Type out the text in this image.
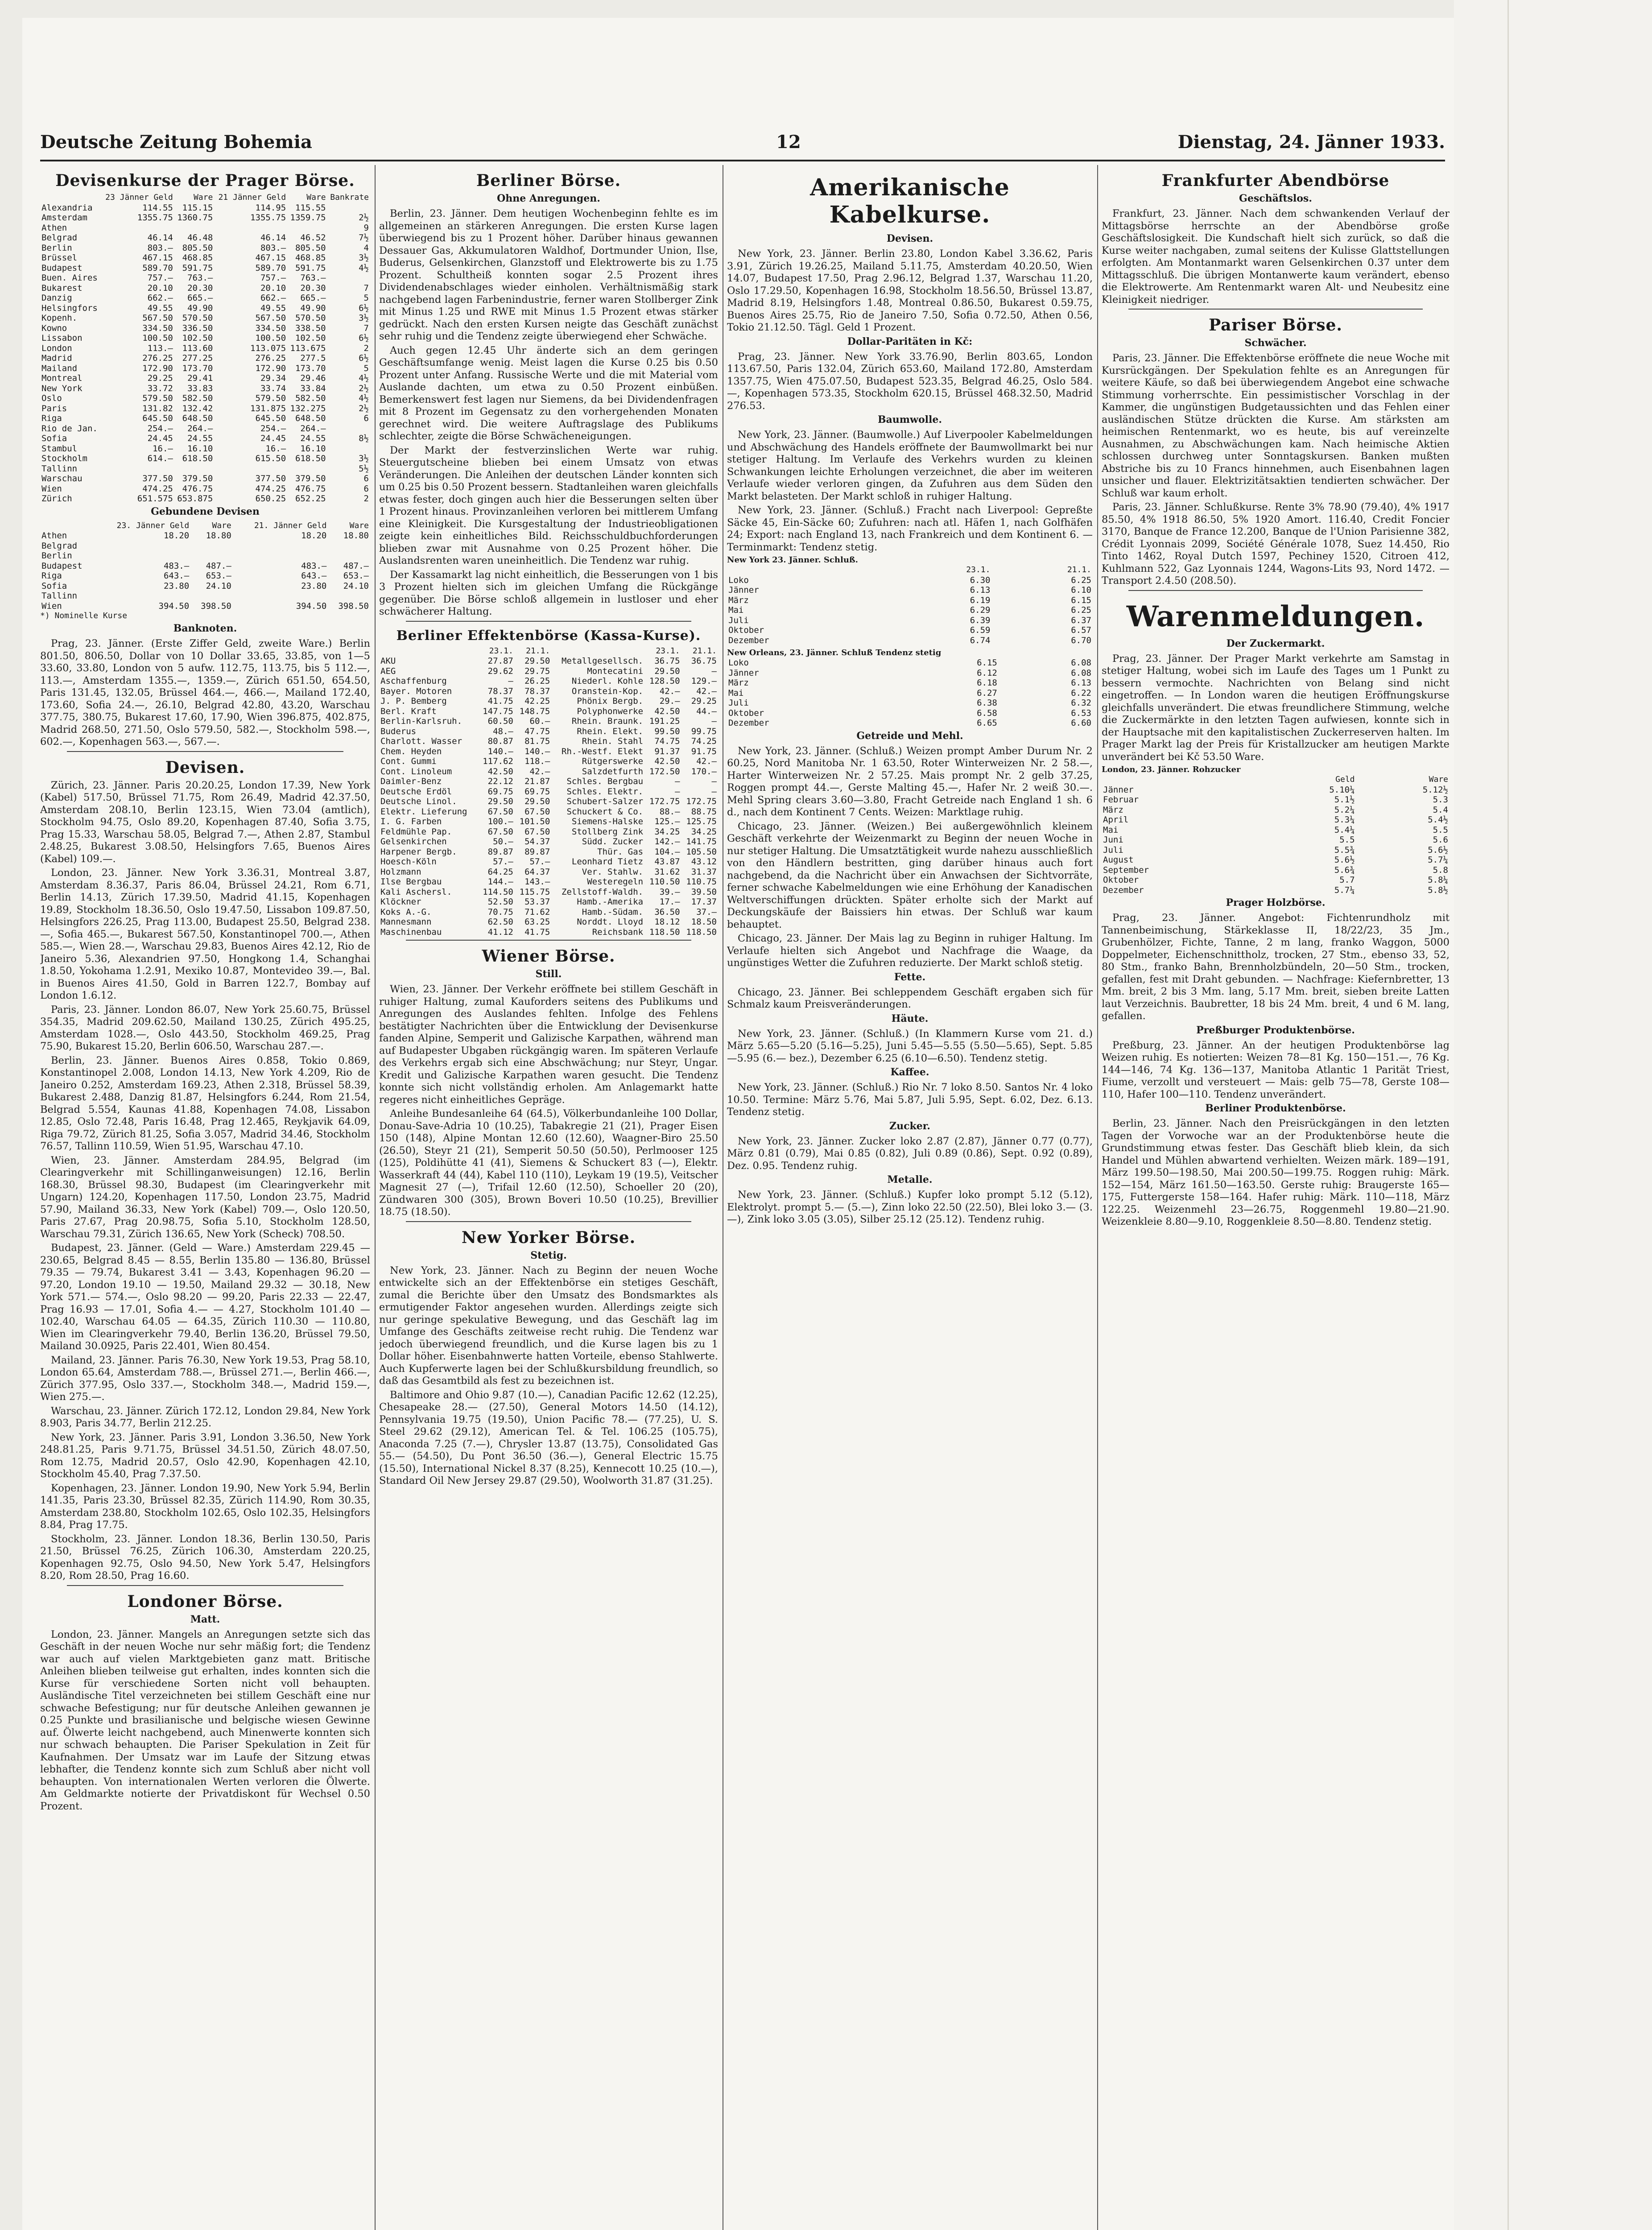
Deutsche Zeitung Bohemia	12	Dienstag, 24. Jänner 1933.
Devisenkurse der Prager Börse.
	23 Jänner Geld	Ware	21 Jänner Geld	Ware	Bankrate
Alexandria	114.55	115.15	114.95	115.55	
Amsterdam	1355.75	1360.75	1355.75	1359.75	2½
Athen					9
Belgrad	46.14	46.48	46.14	46.52	7½
Berlin	803.—	805.50	803.—	805.50	4
Brüssel	467.15	468.85	467.15	468.85	3½
Budapest	589.70	591.75	589.70	591.75	4½
Buen. Aires	757.—	763.—	757.—	763.—	
Bukarest	20.10	20.30	20.10	20.30	7
Danzig	662.—	665.—	662.—	665.—	5
Helsingfors	49.55	49.90	49.55	49.90	6½
Kopenh.	567.50	570.50	567.50	570.50	3½
Kowno	334.50	336.50	334.50	338.50	7
Lissabon	100.50	102.50	100.50	102.50	6½
London	113.—	113.60	113.075	113.675	2
Madrid	276.25	277.25	276.25	277.5	6½
Mailand	172.90	173.70	172.90	173.70	5
Montreal	29.25	29.41	29.34	29.46	4½
New York	33.72	33.83	33.74	33.84	2½
Oslo	579.50	582.50	579.50	582.50	4½
Paris	131.82	132.42	131.875	132.275	2½
Riga	645.50	648.50	645.50	648.50	6
Rio de Jan.	254.—	264.—	254.—	264.—	
Sofia	24.45	24.55	24.45	24.55	8½
Stambul	16.—	16.10	16.—	16.10	
Stockholm	614.—	618.50	615.50	618.50	3½
Tallinn					5½
Warschau	377.50	379.50	377.50	379.50	6
Wien	474.25	476.75	474.25	476.75	6
Zürich	651.575	653.875	650.25	652.25	2
Gebundene Devisen
	23. Jänner Geld	Ware	21. Jänner Geld	Ware
Athen	18.20	18.80	18.20	18.80
Belgrad				
Berlin				
Budapest	483.—	487.—	483.—	487.—
Riga	643.—	653.—	643.—	653.—
Sofia	23.80	24.10	23.80	24.10
Tallinn				
Wien	394.50	398.50	394.50	398.50
*) Nominelle Kurse
Banknoten.

Prag, 23. Jänner. (Erste Ziffer Geld, zweite Ware.) Berlin 801.50, 806.50, Dollar von 10 Dollar 33.65, 33.85, von 1—5 33.60, 33.80, London von 5 aufw. 112.75, 113.75, bis 5 112.—, 113.—, Amsterdam 1355.—, 1359.—, Zürich 651.50, 654.50, Paris 131.45, 132.05, Brüssel 464.—, 466.—, Mailand 172.40, 173.60, Sofia 24.—, 26.10, Belgrad 42.80, 43.20, Warschau 377.75, 380.75, Bukarest 17.60, 17.90, Wien 396.875, 402.875, Madrid 268.50, 271.50, Oslo 579.50, 582.—, Stockholm 598.—, 602.—, Kopenhagen 563.—, 567.—.

Devisen.

Zürich, 23. Jänner. Paris 20.20.25, London 17.39, New York (Kabel) 517.50, Brüssel 71.75, Rom 26.49, Madrid 42.37.50, Amsterdam 208.10, Berlin 123.15, Wien 73.04 (amtlich), Stockholm 94.75, Oslo 89.20, Kopenhagen 87.40, Sofia 3.75, Prag 15.33, Warschau 58.05, Belgrad 7.—, Athen 2.87, Stambul 2.48.25, Bukarest 3.08.50, Helsingfors 7.65, Buenos Aires (Kabel) 109.—.

London, 23. Jänner. New York 3.36.31, Montreal 3.87, Amsterdam 8.36.37, Paris 86.04, Brüssel 24.21, Rom 6.71, Berlin 14.13, Zürich 17.39.50, Madrid 41.15, Kopenhagen 19.89, Stockholm 18.36.50, Oslo 19.47.50, Lissabon 109.87.50, Helsingfors 226.25, Prag 113.00, Budapest 25.50, Belgrad 238.—, Sofia 465.—, Bukarest 567.50, Konstantinopel 700.—, Athen 585.—, Wien 28.—, Warschau 29.83, Buenos Aires 42.12, Rio de Janeiro 5.36, Alexandrien 97.50, Hongkong 1.4, Schanghai 1.8.50, Yokohama 1.2.91, Mexiko 10.87, Montevideo 39.—, Bal. in Buenos Aires 41.50, Gold in Barren 122.7, Bombay auf London 1.6.12.

Paris, 23. Jänner. London 86.07, New York 25.60.75, Brüssel 354.35, Madrid 209.62.50, Mailand 130.25, Zürich 495.25, Amsterdam 1028.—, Oslo 443.50, Stockholm 469.25, Prag 75.90, Bukarest 15.20, Berlin 606.50, Warschau 287.—.

Berlin, 23. Jänner. Buenos Aires 0.858, Tokio 0.869, Konstantinopel 2.008, London 14.13, New York 4.209, Rio de Janeiro 0.252, Amsterdam 169.23, Athen 2.318, Brüssel 58.39, Bukarest 2.488, Danzig 81.87, Helsingfors 6.244, Rom 21.54, Belgrad 5.554, Kaunas 41.88, Kopenhagen 74.08, Lissabon 12.85, Oslo 72.48, Paris 16.48, Prag 12.465, Reykjavik 64.09, Riga 79.72, Zürich 81.25, Sofia 3.057, Madrid 34.46, Stockholm 76.57, Tallinn 110.59, Wien 51.95, Warschau 47.10.

Wien, 23. Jänner. Amsterdam 284.95, Belgrad (im Clearingverkehr mit Schillinganweisungen) 12.16, Berlin 168.30, Brüssel 98.30, Budapest (im Clearingverkehr mit Ungarn) 124.20, Kopenhagen 117.50, London 23.75, Madrid 57.90, Mailand 36.33, New York (Kabel) 709.—, Oslo 120.50, Paris 27.67, Prag 20.98.75, Sofia 5.10, Stockholm 128.50, Warschau 79.31, Zürich 136.65, New York (Scheck) 708.50.

Budapest, 23. Jänner. (Geld — Ware.) Amsterdam 229.45 — 230.65, Belgrad 8.45 — 8.55, Berlin 135.80 — 136.80, Brüssel 79.35 — 79.74, Bukarest 3.41 — 3.43, Kopenhagen 96.20 — 97.20, London 19.10 — 19.50, Mailand 29.32 — 30.18, New York 571.— 574.—, Oslo 98.20 — 99.20, Paris 22.33 — 22.47, Prag 16.93 — 17.01, Sofia 4.— — 4.27, Stockholm 101.40 — 102.40, Warschau 64.05 — 64.35, Zürich 110.30 — 110.80, Wien im Clearingverkehr 79.40, Berlin 136.20, Brüssel 79.50, Mailand 30.0925, Paris 22.401, Wien 80.454.

Mailand, 23. Jänner. Paris 76.30, New York 19.53, Prag 58.10, London 65.64, Amsterdam 788.—, Brüssel 271.—, Berlin 466.—, Zürich 377.95, Oslo 337.—, Stockholm 348.—, Madrid 159.—, Wien 275.—.

Warschau, 23. Jänner. Zürich 172.12, London 29.84, New York 8.903, Paris 34.77, Berlin 212.25.

New York, 23. Jänner. Paris 3.91, London 3.36.50, New York 248.81.25, Paris 9.71.75, Brüssel 34.51.50, Zürich 48.07.50, Rom 12.75, Madrid 20.57, Oslo 42.90, Kopenhagen 42.10, Stockholm 45.40, Prag 7.37.50.

Kopenhagen, 23. Jänner. London 19.90, New York 5.94, Berlin 141.35, Paris 23.30, Brüssel 82.35, Zürich 114.90, Rom 30.35, Amsterdam 238.80, Stockholm 102.65, Oslo 102.35, Helsingfors 8.84, Prag 17.75.

Stockholm, 23. Jänner. London 18.36, Berlin 130.50, Paris 21.50, Brüssel 76.25, Zürich 106.30, Amsterdam 220.25, Kopenhagen 92.75, Oslo 94.50, New York 5.47, Helsingfors 8.20, Rom 28.50, Prag 16.60.

Londoner Börse.
Matt.

London, 23. Jänner. Mangels an Anregungen setzte sich das Geschäft in der neuen Woche nur sehr mäßig fort; die Tendenz war auch auf vielen Marktgebieten ganz matt. Britische Anleihen blieben teilweise gut erhalten, indes konnten sich die Kurse für verschiedene Sorten nicht voll behaupten. Ausländische Titel verzeichneten bei stillem Geschäft eine nur schwache Befestigung; nur für deutsche Anleihen gewannen je 0.25 Punkte und brasilianische und belgische wiesen Gewinne auf. Ölwerte leicht nachgebend, auch Minenwerte konnten sich nur schwach behaupten. Die Pariser Spekulation in Zeit für Kaufnahmen. Der Umsatz war im Laufe der Sitzung etwas lebhafter, die Tendenz konnte sich zum Schluß aber nicht voll behaupten. Von internationalen Werten verloren die Ölwerte. Am Geldmarkte notierte der Privatdiskont für Wechsel 0.50 Prozent.

Berliner Börse.
Ohne Anregungen.

Berlin, 23. Jänner. Dem heutigen Wochenbeginn fehlte es im allgemeinen an stärkeren Anregungen. Die ersten Kurse lagen überwiegend bis zu 1 Prozent höher. Darüber hinaus gewannen Dessauer Gas, Akkumulatoren Waldhof, Dortmunder Union, Ilse, Buderus, Gelsenkirchen, Glanzstoff und Elektrowerte bis zu 1.75 Prozent. Schultheiß konnten sogar 2.5 Prozent ihres Dividendenabschlages wieder einholen. Verhältnismäßig stark nachgebend lagen Farbenindustrie, ferner waren Stollberger Zink mit Minus 1.25 und RWE mit Minus 1.5 Prozent etwas stärker gedrückt. Nach den ersten Kursen neigte das Geschäft zunächst sehr ruhig und die Tendenz zeigte überwiegend eher Schwäche.

Auch gegen 12.45 Uhr änderte sich an dem geringen Geschäftsumfange wenig. Meist lagen die Kurse 0.25 bis 0.50 Prozent unter Anfang. Russische Werte und die mit Material vom Auslande dachten, um etwa zu 0.50 Prozent einbüßen. Bemerkenswert fest lagen nur Siemens, da bei Dividendenfragen mit 8 Prozent im Gegensatz zu den vorhergehenden Monaten gerechnet wird. Die weitere Auftragslage des Publikums schlechter, zeigte die Börse Schwächeneigungen.

Der Markt der festverzinslichen Werte war ruhig. Steuergutscheine blieben bei einem Umsatz von etwas Veränderungen. Die Anleihen der deutschen Länder konnten sich um 0.25 bis 0.50 Prozent bessern. Stadtanleihen waren gleichfalls etwas fester, doch gingen auch hier die Besserungen selten über 1 Prozent hinaus. Provinzanleihen verloren bei mittlerem Umfang eine Kleinigkeit. Die Kursgestaltung der Industrieobligationen zeigte kein einheitliches Bild. Reichsschuldbuchforderungen blieben zwar mit Ausnahme von 0.25 Prozent höher. Die Auslandsrenten waren uneinheitlich. Die Tendenz war ruhig.

Der Kassamarkt lag nicht einheitlich, die Besserungen von 1 bis 3 Prozent hielten sich im gleichen Umfang die Rückgänge gegenüber. Die Börse schloß allgemein in lustloser und eher schwächerer Haltung.

Berliner Effektenbörse (Kassa-Kurse).
	23.1.	21.1.		23.1.	21.1.
AKU	27.87	29.50	Metallgesellsch.	36.75	36.75
AEG	29.62	29.75	Montecatini	29.50	—
Aschaffenburg	—	26.25	Niederl. Kohle	128.50	129.—
Bayer. Motoren	78.37	78.37	Oranstein-Kop.	42.—	42.—
J. P. Bemberg	41.75	42.25	Phönix Bergb.	29.—	29.25
Berl. Kraft	147.75	148.75	Polyphonwerke	42.50	44.—
Berlin-Karlsruh.	60.50	60.—	Rhein. Braunk.	191.25	—
Buderus	48.—	47.75	Rhein. Elekt.	99.50	99.75
Charlott. Wasser	80.87	81.75	Rhein. Stahl	74.75	74.25
Chem. Heyden	140.—	140.—	Rh.-Westf. Elekt	91.37	91.75
Cont. Gummi	117.62	118.—	Rütgerswerke	42.50	42.—
Cont. Linoleum	42.50	42.—	Salzdetfurth	172.50	170.—
Daimler-Benz	22.12	21.87	Schles. Bergbau	—	—
Deutsche Erdöl	69.75	69.75	Schles. Elektr.	—	—
Deutsche Linol.	29.50	29.50	Schubert-Salzer	172.75	172.75
Elektr. Lieferung	67.50	67.50	Schuckert & Co.	88.—	88.75
I. G. Farben	100.—	101.50	Siemens-Halske	125.—	125.75
Feldmühle Pap.	67.50	67.50	Stollberg Zink	34.25	34.25
Gelsenkirchen	50.—	54.37	Südd. Zucker	142.—	141.75
Harpener Bergb.	89.87	89.87	Thür. Gas	104.—	105.50
Hoesch-Köln	57.—	57.—	Leonhard Tietz	43.87	43.12
Holzmann	64.25	64.37	Ver. Stahlw.	31.62	31.37
Ilse Bergbau	144.—	143.—	Westeregeln	110.50	110.75
Kali Aschersl.	114.50	115.75	Zellstoff-Waldh.	39.—	39.50
Klöckner	52.50	53.37	Hamb.-Amerika	17.—	17.37
Koks A.-G.	70.75	71.62	Hamb.-Südam.	36.50	37.—
Mannesmann	62.50	63.25	Norddt. Lloyd	18.12	18.50
Maschinenbau	41.12	41.75	Reichsbank	118.50	118.50
Wiener Börse.
Still.

Wien, 23. Jänner. Der Verkehr eröffnete bei stillem Geschäft in ruhiger Haltung, zumal Kauforders seitens des Publikums und Anregungen des Auslandes fehlten. Infolge des Fehlens bestätigter Nachrichten über die Entwicklung der Devisenkurse fanden Alpine, Semperit und Galizische Karpathen, während man auf Budapester Ubgaben rückgängig waren. Im späteren Verlaufe des Verkehrs ergab sich eine Abschwächung; nur Steyr, Ungar. Kredit und Galizische Karpathen waren gesucht. Die Tendenz konnte sich nicht vollständig erholen. Am Anlagemarkt hatte regeres nicht einheitliches Gepräge.

Anleihe Bundesanleihe 64 (64.5), Völkerbundanleihe 100 Dollar, Donau-Save-Adria 10 (10.25), Tabakregie 21 (21), Prager Eisen 150 (148), Alpine Montan 12.60 (12.60), Waagner-Biro 25.50 (26.50), Steyr 21 (21), Semperit 50.50 (50.50), Perlmooser 125 (125), Poldihütte 41 (41), Siemens & Schuckert 83 (—), Elektr. Wasserkraft 44 (44), Kabel 110 (110), Leykam 19 (19.5), Veitscher Magnesit 27 (—), Trifail 12.60 (12.50), Schoeller 20 (20), Zündwaren 300 (305), Brown Boveri 10.50 (10.25), Brevillier 18.75 (18.50).

New Yorker Börse.
Stetig.

New York, 23. Jänner. Nach zu Beginn der neuen Woche entwickelte sich an der Effektenbörse ein stetiges Geschäft, zumal die Berichte über den Umsatz des Bondsmarktes als ermutigender Faktor angesehen wurden. Allerdings zeigte sich nur geringe spekulative Bewegung, und das Geschäft lag im Umfange des Geschäfts zeitweise recht ruhig. Die Tendenz war jedoch überwiegend freundlich, und die Kurse lagen bis zu 1 Dollar höher. Eisenbahnwerte hatten Vorteile, ebenso Stahlwerte. Auch Kupferwerte lagen bei der Schlußkursbildung freundlich, so daß das Gesamtbild als fest zu bezeichnen ist.

Baltimore and Ohio 9.87 (10.—), Canadian Pacific 12.62 (12.25), Chesapeake 28.— (27.50), General Motors 14.50 (14.12), Pennsylvania 19.75 (19.50), Union Pacific 78.— (77.25), U. S. Steel 29.62 (29.12), American Tel. & Tel. 106.25 (105.75), Anaconda 7.25 (7.—), Chrysler 13.87 (13.75), Consolidated Gas 55.— (54.50), Du Pont 36.50 (36.—), General Electric 15.75 (15.50), International Nickel 8.37 (8.25), Kennecott 10.25 (10.—), Standard Oil New Jersey 29.87 (29.50), Woolworth 31.87 (31.25).

Amerikanische Kabelkurse.
Devisen.

New York, 23. Jänner. Berlin 23.80, London Kabel 3.36.62, Paris 3.91, Zürich 19.26.25, Mailand 5.11.75, Amsterdam 40.20.50, Wien 14.07, Budapest 17.50, Prag 2.96.12, Belgrad 1.37, Warschau 11.20, Oslo 17.29.50, Kopenhagen 16.98, Stockholm 18.56.50, Brüssel 13.87, Madrid 8.19, Helsingfors 1.48, Montreal 0.86.50, Bukarest 0.59.75, Buenos Aires 25.75, Rio de Janeiro 7.50, Sofia 0.72.50, Athen 0.56, Tokio 21.12.50. Tägl. Geld 1 Prozent.

Dollar-Paritäten in Kč:

Prag, 23. Jänner. New York 33.76.90, Berlin 803.65, London 113.67.50, Paris 132.04, Zürich 653.60, Mailand 172.80, Amsterdam 1357.75, Wien 475.07.50, Budapest 523.35, Belgrad 46.25, Oslo 584.—, Kopenhagen 573.35, Stockholm 620.15, Brüssel 468.32.50, Madrid 276.53.

Baumwolle.

New York, 23. Jänner. (Baumwolle.) Auf Liverpooler Kabelmeldungen und Abschwächung des Handels eröffnete der Baumwollmarkt bei nur stetiger Haltung. Im Verlaufe des Verkehrs wurden zu kleinen Schwankungen leichte Erholungen verzeichnet, die aber im weiteren Verlaufe wieder verloren gingen, da Zufuhren aus dem Süden den Markt belasteten. Der Markt schloß in ruhiger Haltung.

New York, 23. Jänner. (Schluß.) Fracht nach Liverpool: Gepreßte Säcke 45, Ein-Säcke 60; Zufuhren: nach atl. Häfen 1, nach Golfhäfen 24; Export: nach England 13, nach Frankreich und dem Kontinent 6. — Terminmarkt: Tendenz stetig.

New York 23. Jänner. Schluß.
	23.1.	21.1.
Loko	6.30	6.25
Jänner	6.13	6.10
März	6.19	6.15
Mai	6.29	6.25
Juli	6.39	6.37
Oktober	6.59	6.57
Dezember	6.74	6.70
New Orleans, 23. Jänner. Schluß Tendenz stetig
Loko	6.15	6.08
Jänner	6.12	6.08
März	6.18	6.13
Mai	6.27	6.22
Juli	6.38	6.32
Oktober	6.58	6.53
Dezember	6.65	6.60
Getreide und Mehl.

New York, 23. Jänner. (Schluß.) Weizen prompt Amber Durum Nr. 2 60.25, Nord Manitoba Nr. 1 63.50, Roter Winterweizen Nr. 2 58.—, Harter Winterweizen Nr. 2 57.25. Mais prompt Nr. 2 gelb 37.25, Roggen prompt 44.—, Gerste Malting 45.—, Hafer Nr. 2 weiß 30.—. Mehl Spring clears 3.60—3.80, Fracht Getreide nach England 1 sh. 6 d., nach dem Kontinent 7 Cents. Weizen: Marktlage ruhig.

Chicago, 23. Jänner. (Weizen.) Bei außergewöhnlich kleinem Geschäft verkehrte der Weizenmarkt zu Beginn der neuen Woche in nur stetiger Haltung. Die Umsatztätigkeit wurde nahezu ausschließlich von den Händlern bestritten, ging darüber hinaus auch fort nachgebend, da die Nachricht über ein Anwachsen der Sichtvorräte, ferner schwache Kabelmeldungen wie eine Erhöhung der Kanadischen Weltverschiffungen drückten. Später erholte sich der Markt auf Deckungskäufe der Baissiers hin etwas. Der Schluß war kaum behauptet.

Chicago, 23. Jänner. Der Mais lag zu Beginn in ruhiger Haltung. Im Verlaufe hielten sich Angebot und Nachfrage die Waage, da ungünstiges Wetter die Zufuhren reduzierte. Der Markt schloß stetig.

Fette.

Chicago, 23. Jänner. Bei schleppendem Geschäft ergaben sich für Schmalz kaum Preisveränderungen.

Häute.

New York, 23. Jänner. (Schluß.) (In Klammern Kurse vom 21. d.) März 5.65—5.20 (5.16—5.25), Juni 5.45—5.55 (5.50—5.65), Sept. 5.85—5.95 (6.— bez.), Dezember 6.25 (6.10—6.50). Tendenz stetig.

Kaffee.

New York, 23. Jänner. (Schluß.) Rio Nr. 7 loko 8.50. Santos Nr. 4 loko 10.50. Termine: März 5.76, Mai 5.87, Juli 5.95, Sept. 6.02, Dez. 6.13. Tendenz stetig.

Zucker.

New York, 23. Jänner. Zucker loko 2.87 (2.87), Jänner 0.77 (0.77), März 0.81 (0.79), Mai 0.85 (0.82), Juli 0.89 (0.86), Sept. 0.92 (0.89), Dez. 0.95. Tendenz ruhig.

Metalle.

New York, 23. Jänner. (Schluß.) Kupfer loko prompt 5.12 (5.12), Elektrolyt. prompt 5.— (5.—), Zinn loko 22.50 (22.50), Blei loko 3.— (3.—), Zink loko 3.05 (3.05), Silber 25.12 (25.12). Tendenz ruhig.

Frankfurter Abendbörse
Geschäftslos.

Frankfurt, 23. Jänner. Nach dem schwankenden Verlauf der Mittagsbörse herrschte an der Abendbörse große Geschäftslosigkeit. Die Kundschaft hielt sich zurück, so daß die Kurse weiter nachgaben, zumal seitens der Kulisse Glattstellungen erfolgten. Am Montanmarkt waren Gelsenkirchen 0.37 unter dem Mittagsschluß. Die übrigen Montanwerte kaum verändert, ebenso die Elektrowerte. Am Rentenmarkt waren Alt- und Neubesitz eine Kleinigkeit niedriger.

Pariser Börse.
Schwächer.

Paris, 23. Jänner. Die Effektenbörse eröffnete die neue Woche mit Kursrückgängen. Der Spekulation fehlte es an Anregungen für weitere Käufe, so daß bei überwiegendem Angebot eine schwache Stimmung vorherrschte. Ein pessimistischer Vorschlag in der Kammer, die ungünstigen Budgetaussichten und das Fehlen einer ausländischen Stütze drückten die Kurse. Am stärksten am heimischen Rentenmarkt, wo es heute, bis auf vereinzelte Ausnahmen, zu Abschwächungen kam. Nach heimische Aktien schlossen durchweg unter Sonntagskursen. Banken mußten Abstriche bis zu 10 Francs hinnehmen, auch Eisenbahnen lagen unsicher und flauer. Elektrizitätsaktien tendierten schwächer. Der Schluß war kaum erholt.

Paris, 23. Jänner. Schlußkurse. Rente 3% 78.90 (79.40), 4% 1917 85.50, 4% 1918 86.50, 5% 1920 Amort. 116.40, Credit Foncier 3170, Banque de France 12.200, Banque de l'Union Parisienne 382, Crédit Lyonnais 2099, Société Générale 1078, Suez 14.450, Rio Tinto 1462, Royal Dutch 1597, Pechiney 1520, Citroen 412, Kuhlmann 522, Gaz Lyonnais 1244, Wagons-Lits 93, Nord 1472. — Transport 2.4.50 (208.50).

Warenmeldungen.
Der Zuckermarkt.

Prag, 23. Jänner. Der Prager Markt verkehrte am Samstag in stetiger Haltung, wobei sich im Laufe des Tages um 1 Punkt zu bessern vermochte. Nachrichten von Belang sind nicht eingetroffen. — In London waren die heutigen Eröffnungskurse gleichfalls unverändert. Die etwas freundlichere Stimmung, welche die Zuckermärkte in den letzten Tagen aufwiesen, konnte sich in der Hauptsache mit den kapitalistischen Zuckerreserven halten. Im Prager Markt lag der Preis für Kristallzucker am heutigen Markte unverändert bei Kč 53.50 Ware.

London, 23. Jänner. Rohzucker
	Geld	Ware
Jänner	5.10¼	5.12½
Februar	5.1½	5.3
März	5.2¼	5.4
April	5.3¼	5.4½
Mai	5.4¼	5.5
Juni	5.5	5.6
Juli	5.5¾	5.6½
August	5.6½	5.7¼
September	5.6¾	5.8
Oktober	5.7	5.8¼
Dezember	5.7¼	5.8½
Prager Holzbörse.

Prag, 23. Jänner. Angebot: Fichtenrundholz mit Tannenbeimischung, Stärkeklasse II, 18/22/23, 35 Jm., Grubenhölzer, Fichte, Tanne, 2 m lang, franko Waggon, 5000 Doppelmeter, Eichenschnittholz, trocken, 27 Stm., ebenso 33, 52, 80 Stm., franko Bahn, Brennholzbündeln, 20—50 Stm., trocken, gefallen, fest mit Draht gebunden. — Nachfrage: Kiefernbretter, 13 Mm. breit, 2 bis 3 Mm. lang, 5.17 Mm. breit, sieben breite Latten laut Verzeichnis. Baubretter, 18 bis 24 Mm. breit, 4 und 6 M. lang, gefallen.

Preßburger Produktenbörse.

Preßburg, 23. Jänner. An der heutigen Produktenbörse lag Weizen ruhig. Es notierten: Weizen 78—81 Kg. 150—151.—, 76 Kg. 144—146, 74 Kg. 136—137, Manitoba Atlantic 1 Parität Triest, Fiume, verzollt und versteuert — Mais: gelb 75—78, Gerste 108—110, Hafer 100—110. Tendenz unverändert.

Berliner Produktenbörse.

Berlin, 23. Jänner. Nach den Preisrückgängen in den letzten Tagen der Vorwoche war an der Produktenbörse heute die Grundstimmung etwas fester. Das Geschäft blieb klein, da sich Handel und Mühlen abwartend verhielten. Weizen märk. 189—191, März 199.50—198.50, Mai 200.50—199.75. Roggen ruhig: Märk. 152—154, März 161.50—163.50. Gerste ruhig: Braugerste 165—175, Futtergerste 158—164. Hafer ruhig: Märk. 110—118, März 122.25. Weizenmehl 23—26.75, Roggenmehl 19.80—21.90. Weizenkleie 8.80—9.10, Roggenkleie 8.50—8.80. Tendenz stetig.
